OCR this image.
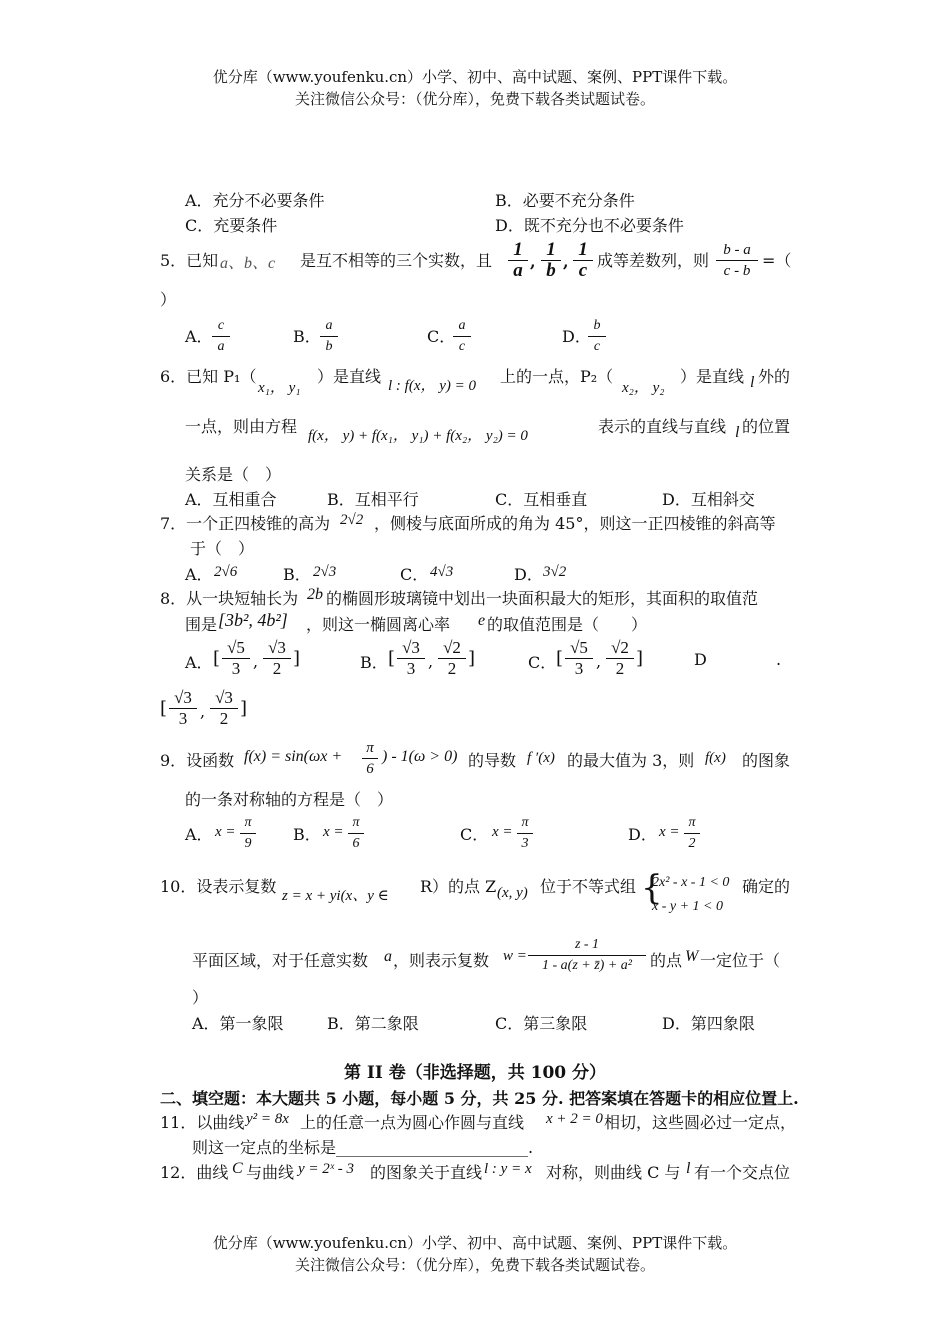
优分库（www.youfenku.cn）小学、初中、高中试题、案例、PPT课件下载。
关注微信公众号：（优分库），免费下载各类试题试卷。
A．充分不必要条件	B．必要不充分条件
C．充要条件	D．既不充分也不必要条件
5．已知 a、b、c 是互不相等的三个实数，且
1
a ,
1
b ,
1
c 成等差数列，则
b - a
c - b
=（
）
A．
c
a
B．
a
b
C．
a
c
D．
b
c
6．已知 P₁（
x₁， y₁
）是直线 l : f(x， y) = 0 上的一点，P₂（
x₂， y₂
）是直线 l 外的
一点，则由方程 f(x， y) + f(x₁， y₁) + f(x₂， y₂) = 0	表示的直线与直线 l 的位置
关系是（　）
A．互相重合	B．互相平行	C．互相垂直	D．互相斜交
7．一个正四棱锥的高为 2√2 ，侧棱与底面所成的角为 45°，则这一正四棱锥的斜高等
于（　）
A． 2√6	B． 2√3	C． 4√3	D． 3√2
8．从一块短轴长为 2b 的椭圆形玻璃镜中划出一块面积最大的矩形，其面积的取值范
围是 [3b², 4b²] ，则这一椭圆离心率 e 的取值范围是（　　）
A． [
√5
3 ,
√3
2 ]	B． [
√3
3 ,
√2
2 ]	C． [
√5
3 ,
√2
2 ]	D	.
[
√3
3 ,
√3
2 ]
9．设函数 f(x) = sin(ωx + π
6
) - 1(ω > 0) 的导数 f ′(x) 的最大值为 3，则 f(x) 的图象
的一条对称轴的方程是（　）
A． x =
π
9	B． x =
π
6	C． x =
π
3	D． x =
π
2
10．设表示复数 z = x + yi(x、y ∈ R）的点 Z (x, y) 位于不等式组 {
2x² - x - 1 < 0
x - y + 1 < 0
确定的
平面区域，对于任意实数 a ，则表示复数 w =
z - 1
1 - a(z + z̄) + a²	的点 W 一定位于（
）
A．第一象限	B．第二象限	C．第三象限	D．第四象限
第 II 卷（非选择题，共 100 分）
二、填空题：本大题共 5 小题，每小题 5 分，共 25 分. 把答案填在答题卡的相应位置上.
11．以曲线 y² = 8x 上的任意一点为圆心作圆与直线 x + 2 = 0 相切，这些圆必过一定点，
则这一定点的坐标是________________________.
12．曲线 C 与曲线 y = 2ˣ - 3 的图象关于直线 l : y = x 对称，则曲线 C 与 l 有一个交点位
优分库（www.youfenku.cn）小学、初中、高中试题、案例、PPT课件下载。
关注微信公众号：（优分库），免费下载各类试题试卷。
